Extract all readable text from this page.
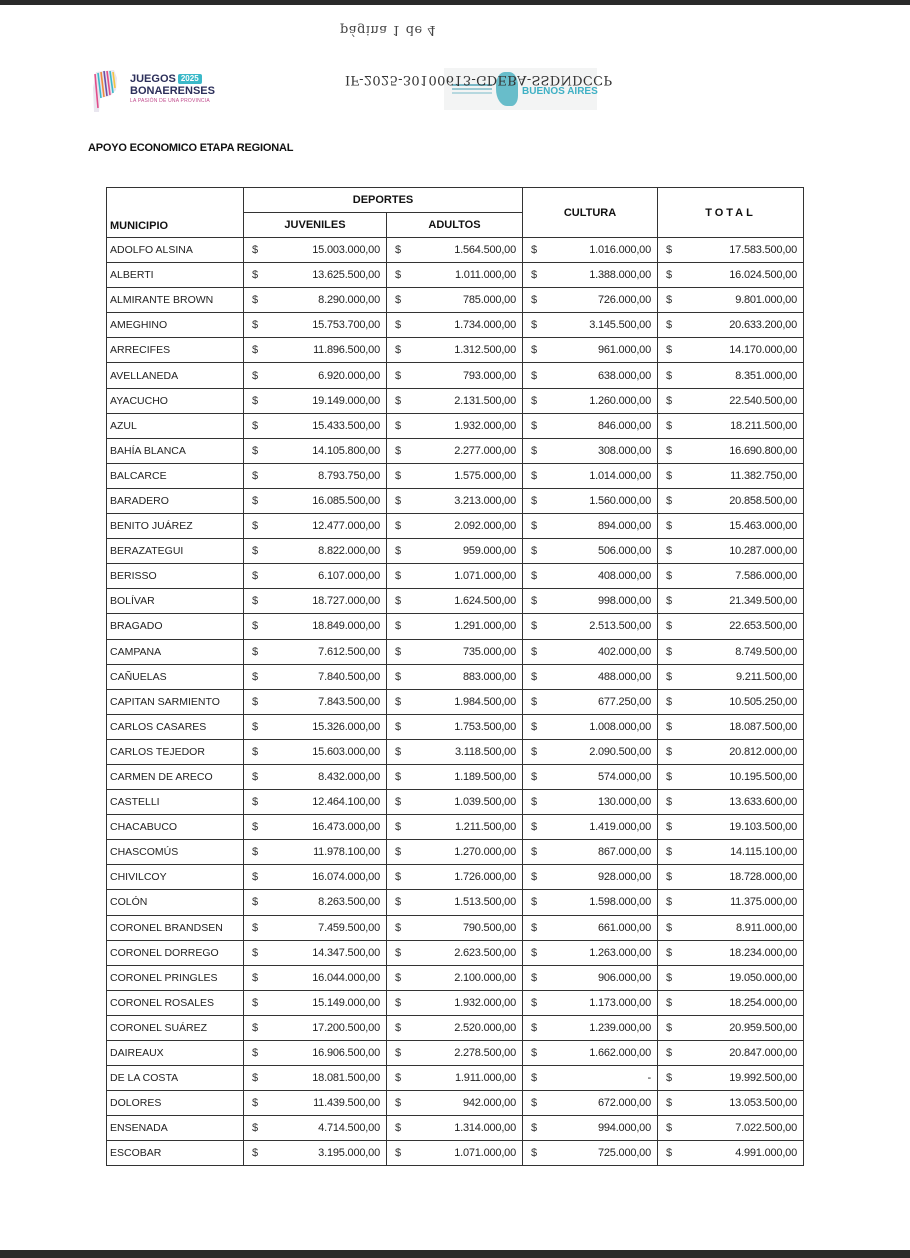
página 1 de 4
JUEGOS 2025
BONAERENSES
LA PASIÓN DE UNA PROVINCIA
BUENOS AIRES
IF-2025-30100613-GDEBA-SSDNDCCP
APOYO ECONOMICO ETAPA REGIONAL
MUNICIPIO	DEPORTES		CULTURA	TOTAL
	JUVENILES	ADULTOS		
ADOLFO ALSINA	$ 15.003.000,00	$ 1.564.500,00	$ 1.016.000,00	$ 17.583.500,00

ALBERTI	$ 13.625.500,00	$ 1.011.000,00	$ 1.388.000,00	$ 16.024.500,00

ALMIRANTE BROWN	$ 8.290.000,00	$ 785.000,00	$ 726.000,00	$ 9.801.000,00

AMEGHINO	$ 15.753.700,00	$ 1.734.000,00	$ 3.145.500,00	$ 20.633.200,00

ARRECIFES	$ 11.896.500,00	$ 1.312.500,00	$ 961.000,00	$ 14.170.000,00

AVELLANEDA	$ 6.920.000,00	$ 793.000,00	$ 638.000,00	$ 8.351.000,00

AYACUCHO	$ 19.149.000,00	$ 2.131.500,00	$ 1.260.000,00	$ 22.540.500,00

AZUL	$ 15.433.500,00	$ 1.932.000,00	$ 846.000,00	$ 18.211.500,00

BAHÍA BLANCA	$ 14.105.800,00	$ 2.277.000,00	$ 308.000,00	$ 16.690.800,00

BALCARCE	$ 8.793.750,00	$ 1.575.000,00	$ 1.014.000,00	$ 11.382.750,00

BARADERO	$ 16.085.500,00	$ 3.213.000,00	$ 1.560.000,00	$ 20.858.500,00

BENITO JUÁREZ	$ 12.477.000,00	$ 2.092.000,00	$ 894.000,00	$ 15.463.000,00

BERAZATEGUI	$ 8.822.000,00	$ 959.000,00	$ 506.000,00	$ 10.287.000,00

BERISSO	$ 6.107.000,00	$ 1.071.000,00	$ 408.000,00	$ 7.586.000,00

BOLÍVAR	$ 18.727.000,00	$ 1.624.500,00	$ 998.000,00	$ 21.349.500,00

BRAGADO	$ 18.849.000,00	$ 1.291.000,00	$ 2.513.500,00	$ 22.653.500,00

CAMPANA	$ 7.612.500,00	$ 735.000,00	$ 402.000,00	$ 8.749.500,00

CAÑUELAS	$ 7.840.500,00	$ 883.000,00	$ 488.000,00	$ 9.211.500,00

CAPITAN SARMIENTO	$ 7.843.500,00	$ 1.984.500,00	$ 677.250,00	$ 10.505.250,00

CARLOS CASARES	$ 15.326.000,00	$ 1.753.500,00	$ 1.008.000,00	$ 18.087.500,00

CARLOS TEJEDOR	$ 15.603.000,00	$ 3.118.500,00	$ 2.090.500,00	$ 20.812.000,00

CARMEN DE ARECO	$ 8.432.000,00	$ 1.189.500,00	$ 574.000,00	$ 10.195.500,00

CASTELLI	$ 12.464.100,00	$ 1.039.500,00	$ 130.000,00	$ 13.633.600,00

CHACABUCO	$ 16.473.000,00	$ 1.211.500,00	$ 1.419.000,00	$ 19.103.500,00

CHASCOMÚS	$ 11.978.100,00	$ 1.270.000,00	$ 867.000,00	$ 14.115.100,00

CHIVILCOY	$ 16.074.000,00	$ 1.726.000,00	$ 928.000,00	$ 18.728.000,00

COLÓN	$ 8.263.500,00	$ 1.513.500,00	$ 1.598.000,00	$ 11.375.000,00

CORONEL BRANDSEN	$ 7.459.500,00	$ 790.500,00	$ 661.000,00	$ 8.911.000,00

CORONEL DORREGO	$ 14.347.500,00	$ 2.623.500,00	$ 1.263.000,00	$ 18.234.000,00

CORONEL PRINGLES	$ 16.044.000,00	$ 2.100.000,00	$ 906.000,00	$ 19.050.000,00

CORONEL ROSALES	$ 15.149.000,00	$ 1.932.000,00	$ 1.173.000,00	$ 18.254.000,00

CORONEL SUÁREZ	$ 17.200.500,00	$ 2.520.000,00	$ 1.239.000,00	$ 20.959.500,00

DAIREAUX	$ 16.906.500,00	$ 2.278.500,00	$ 1.662.000,00	$ 20.847.000,00

DE LA COSTA	$ 18.081.500,00	$ 1.911.000,00	$ -	$ 19.992.500,00

DOLORES	$ 11.439.500,00	$ 942.000,00	$ 672.000,00	$ 13.053.500,00

ENSENADA	$ 4.714.500,00	$ 1.314.000,00	$ 994.000,00	$ 7.022.500,00

ESCOBAR	$ 3.195.000,00	$ 1.071.000,00	$ 725.000,00	$ 4.991.000,00
